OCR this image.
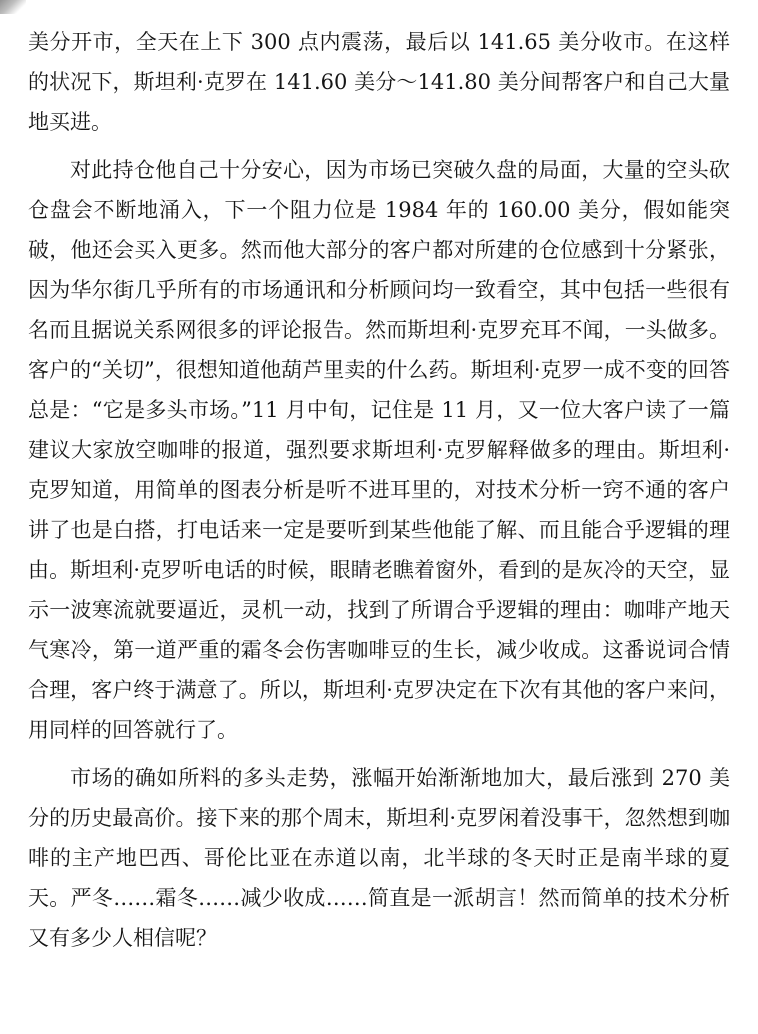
美分开市，全天在上下 300 点内震荡，最后以 141.65 美分收市。在这样的状况下，斯坦利·克罗在 141.60 美分～141.80 美分间帮客户和自己大量地买进。

对此持仓他自己十分安心，因为市场已突破久盘的局面，大量的空头砍仓盘会不断地涌入，下一个阻力位是 1984 年的 160.00 美分，假如能突破，他还会买入更多。然而他大部分的客户都对所建的仓位感到十分紧张，因为华尔街几乎所有的市场通讯和分析顾问均一致看空，其中包括一些很有名而且据说关系网很多的评论报告。然而斯坦利·克罗充耳不闻，一头做多。客户的“关切”，很想知道他葫芦里卖的什么药。斯坦利·克罗一成不变的回答总是：“它是多头市场。”11 月中旬，记住是 11 月，又一位大客户读了一篇建议大家放空咖啡的报道，强烈要求斯坦利·克罗解释做多的理由。斯坦利·克罗知道，用简单的图表分析是听不进耳里的，对技术分析一窍不通的客户讲了也是白搭，打电话来一定是要听到某些他能了解、而且能合乎逻辑的理由。斯坦利·克罗听电话的时候，眼睛老瞧着窗外，看到的是灰冷的天空，显示一波寒流就要逼近，灵机一动，找到了所谓合乎逻辑的理由：咖啡产地天气寒冷，第一道严重的霜冬会伤害咖啡豆的生长，减少收成。这番说词合情合理，客户终于满意了。所以，斯坦利·克罗决定在下次有其他的客户来问，用同样的回答就行了。

市场的确如所料的多头走势，涨幅开始渐渐地加大，最后涨到 270 美分的历史最高价。接下来的那个周末，斯坦利·克罗闲着没事干，忽然想到咖啡的主产地巴西、哥伦比亚在赤道以南，北半球的冬天时正是南半球的夏天。严冬……霜冬……减少收成……简直是一派胡言！然而简单的技术分析又有多少人相信呢？
